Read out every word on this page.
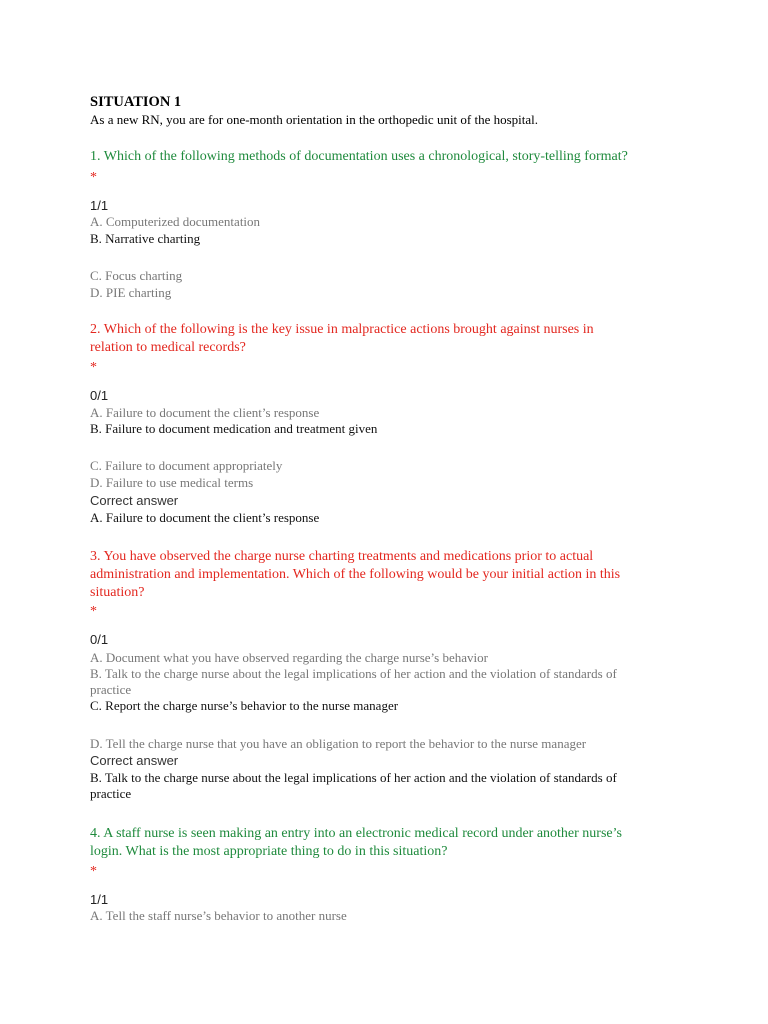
SITUATION 1
As a new RN, you are for one-month orientation in the orthopedic unit of the hospital.
1. Which of the following methods of documentation uses a chronological, story-telling format?
*
1/1
A. Computerized documentation
B. Narrative charting
C. Focus charting
D. PIE charting
2. Which of the following is the key issue in malpractice actions brought against nurses in
relation to medical records?
*
0/1
A. Failure to document the client’s response
B. Failure to document medication and treatment given
C. Failure to document appropriately
D. Failure to use medical terms
Correct answer
A. Failure to document the client’s response
3. You have observed the charge nurse charting treatments and medications prior to actual
administration and implementation. Which of the following would be your initial action in this
situation?
*
0/1
A. Document what you have observed regarding the charge nurse’s behavior
B. Talk to the charge nurse about the legal implications of her action and the violation of standards of
practice
C. Report the charge nurse’s behavior to the nurse manager
D. Tell the charge nurse that you have an obligation to report the behavior to the nurse manager
Correct answer
B. Talk to the charge nurse about the legal implications of her action and the violation of standards of
practice
4. A staff nurse is seen making an entry into an electronic medical record under another nurse’s
login. What is the most appropriate thing to do in this situation?
*
1/1
A. Tell the staff nurse’s behavior to another nurse
